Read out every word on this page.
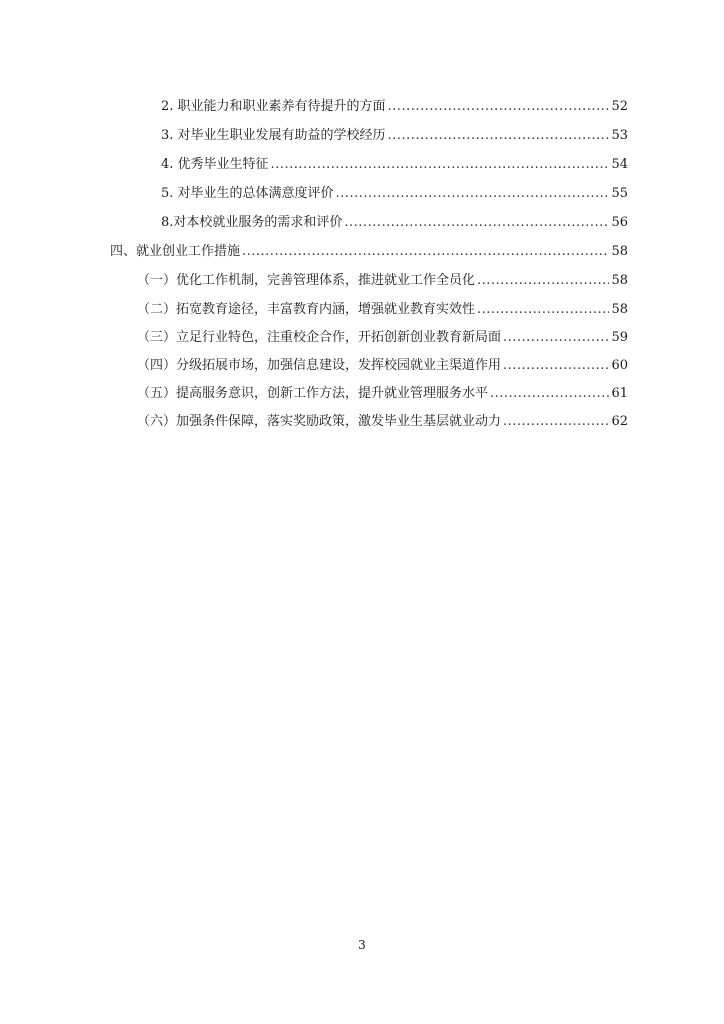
2. 职业能力和职业素养有待提升的方面 .....	52
3. 对毕业生职业发展有助益的学校经历 .....	53
4. 优秀毕业生特征 .....	54
5. 对毕业生的总体满意度评价 .....	55
8.对本校就业服务的需求和评价 .....	56
四、就业创业工作措施 .....	58
（一）优化工作机制，完善管理体系，推进就业工作全员化 .....	58
（二）拓宽教育途径，丰富教育内涵，增强就业教育实效性 .....	58
（三）立足行业特色，注重校企合作，开拓创新创业教育新局面 .....	59
（四）分级拓展市场，加强信息建设，发挥校园就业主渠道作用 .....	60
（五）提高服务意识，创新工作方法，提升就业管理服务水平 .....	61
（六）加强条件保障，落实奖励政策，激发毕业生基层就业动力 .....	62
3
